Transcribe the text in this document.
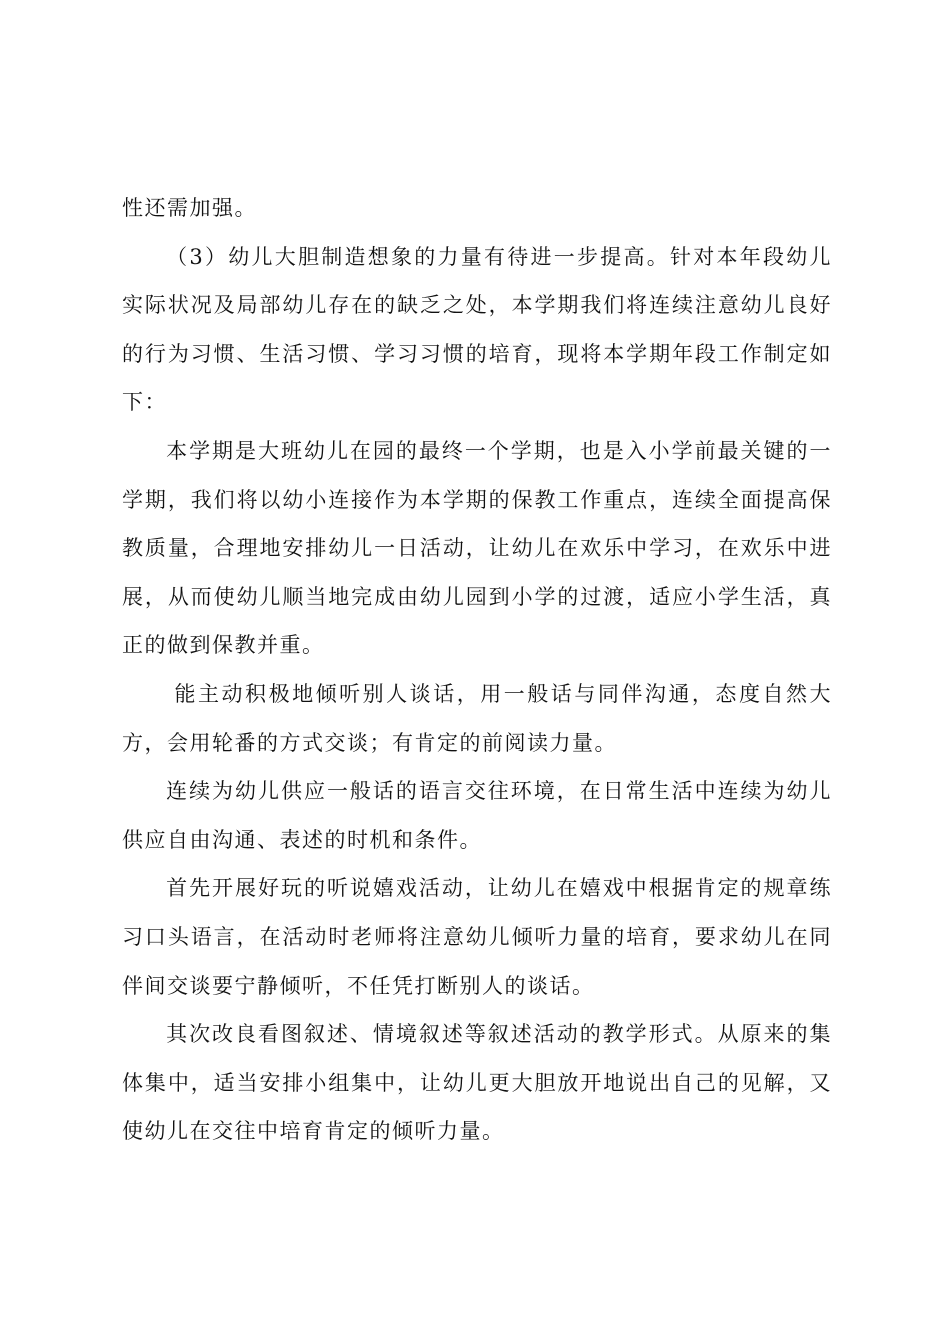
性还需加强。

（3）幼儿大胆制造想象的力量有待进一步提高。针对本年段幼儿实际状况及局部幼儿存在的缺乏之处，本学期我们将连续注意幼儿良好的行为习惯、生活习惯、学习习惯的培育，现将本学期年段工作制定如下：

本学期是大班幼儿在园的最终一个学期，也是入小学前最关键的一学期，我们将以幼小连接作为本学期的保教工作重点，连续全面提高保教质量，合理地安排幼儿一日活动，让幼儿在欢乐中学习，在欢乐中进展，从而使幼儿顺当地完成由幼儿园到小学的过渡，适应小学生活，真正的做到保教并重。

能主动积极地倾听别人谈话，用一般话与同伴沟通，态度自然大方，会用轮番的方式交谈；有肯定的前阅读力量。

连续为幼儿供应一般话的语言交往环境，在日常生活中连续为幼儿供应自由沟通、表述的时机和条件。

首先开展好玩的听说嬉戏活动，让幼儿在嬉戏中根据肯定的规章练习口头语言，在活动时老师将注意幼儿倾听力量的培育，要求幼儿在同伴间交谈要宁静倾听，不任凭打断别人的谈话。

其次改良看图叙述、情境叙述等叙述活动的教学形式。从原来的集体集中，适当安排小组集中，让幼儿更大胆放开地说出自己的见解，又使幼儿在交往中培育肯定的倾听力量。
